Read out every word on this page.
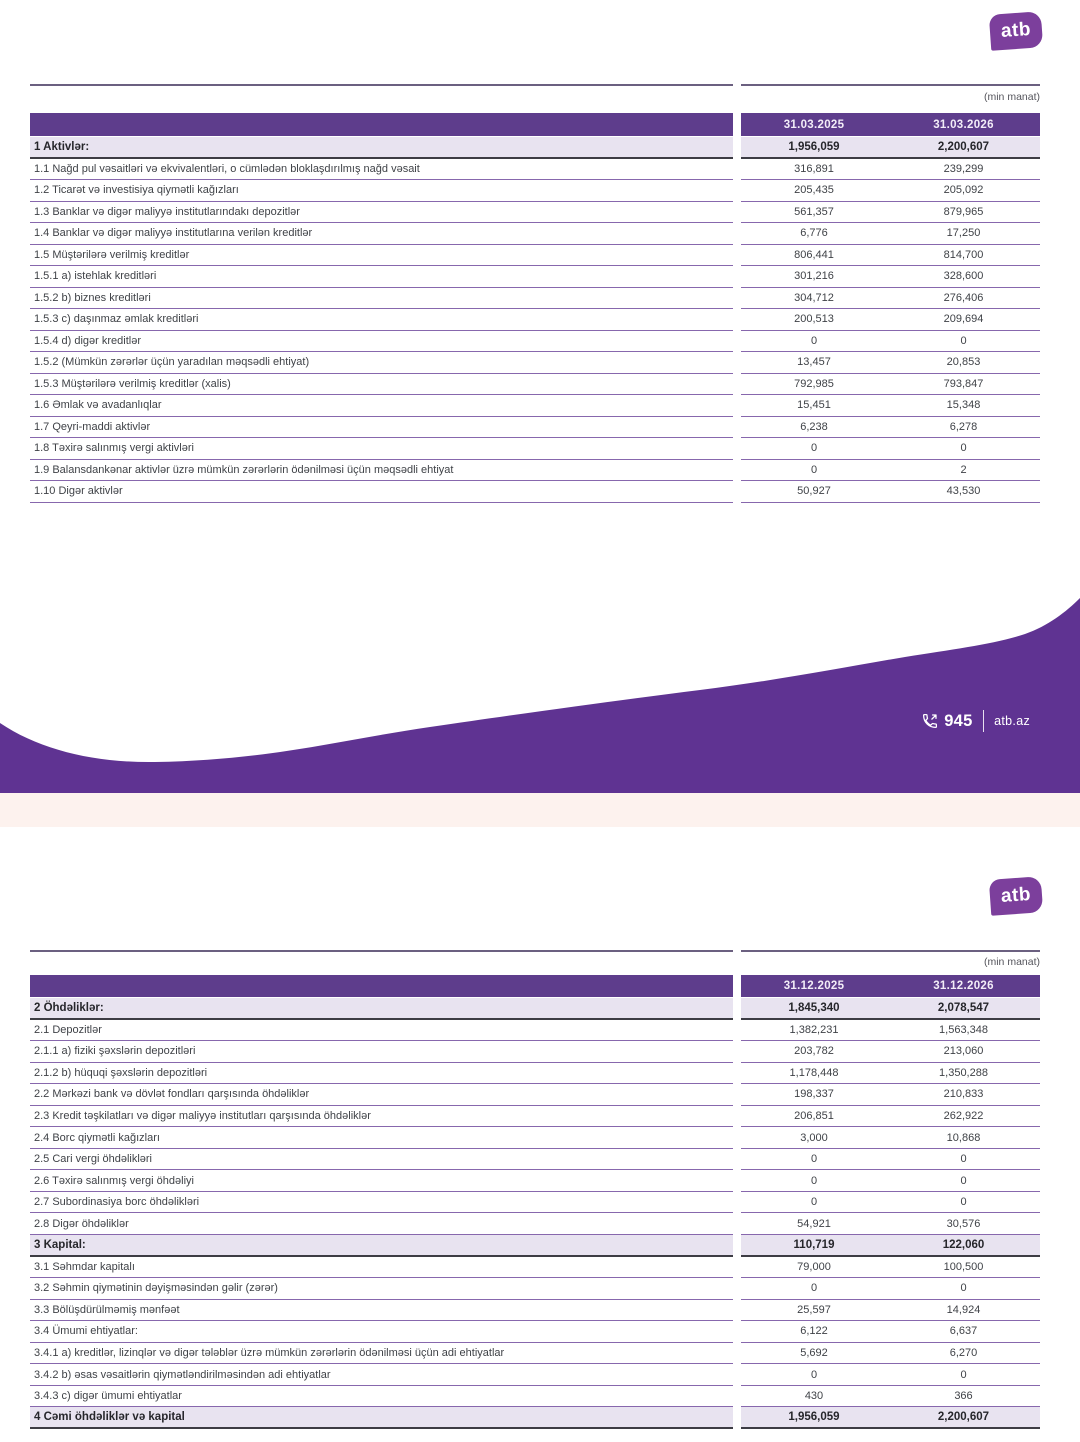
atb
(min manat)
31.03.2025	31.03.2026
1 Aktivlər:	1,956,059	2,200,607
1.1 Nağd pul vəsaitləri və ekvivalentləri, o cümlədən bloklaşdırılmış nağd vəsait	316,891	239,299
1.2 Ticarət və investisiya qiymətli kağızları	205,435	205,092
1.3 Banklar və digər maliyyə institutlarındakı depozitlər	561,357	879,965
1.4 Banklar və digər maliyyə institutlarına verilən kreditlər	6,776	17,250
1.5 Müştərilərə verilmiş kreditlər	806,441	814,700
1.5.1 a) istehlak kreditləri	301,216	328,600
1.5.2 b) biznes kreditləri	304,712	276,406
1.5.3 c) daşınmaz əmlak kreditləri	200,513	209,694
1.5.4 d) digər kreditlər	0	0
1.5.2 (Mümkün zərərlər üçün yaradılan məqsədli ehtiyat)	13,457	20,853
1.5.3 Müştərilərə verilmiş kreditlər (xalis)	792,985	793,847
1.6 Əmlak və avadanlıqlar	15,451	15,348
1.7 Qeyri-maddi aktivlər	6,238	6,278
1.8 Təxirə salınmış vergi aktivləri	0	0
1.9 Balansdankənar aktivlər üzrə mümkün zərərlərin ödənilməsi üçün məqsədli ehtiyat	0	2
1.10 Digər aktivlər	50,927	43,530
945 atb.az
atb
(min manat)
31.12.2025	31.12.2026
2 Öhdəliklər:	1,845,340	2,078,547
2.1 Depozitlər	1,382,231	1,563,348
2.1.1 a) fiziki şəxslərin depozitləri	203,782	213,060
2.1.2 b) hüquqi şəxslərin depozitləri	1,178,448	1,350,288
2.2 Mərkəzi bank və dövlət fondları qarşısında öhdəliklər	198,337	210,833
2.3 Kredit təşkilatları və digər maliyyə institutları qarşısında öhdəliklər	206,851	262,922
2.4 Borc qiymətli kağızları	3,000	10,868
2.5 Cari vergi öhdəlikləri	0	0
2.6 Təxirə salınmış vergi öhdəliyi	0	0
2.7 Subordinasiya borc öhdəlikləri	0	0
2.8 Digər öhdəliklər	54,921	30,576
3 Kapital:	110,719	122,060
3.1 Səhmdar kapitalı	79,000	100,500
3.2 Səhmin qiymətinin dəyişməsindən gəlir (zərər)	0	0
3.3 Bölüşdürülməmiş mənfəət	25,597	14,924
3.4 Ümumi ehtiyatlar:	6,122	6,637
3.4.1 a) kreditlər, lizinqlər və digər tələblər üzrə mümkün zərərlərin ödənilməsi üçün adi ehtiyatlar	5,692	6,270
3.4.2 b) əsas vəsaitlərin qiymətləndirilməsindən adi ehtiyatlar	0	0
3.4.3 c) digər ümumi ehtiyatlar	430	366
4 Cəmi öhdəliklər və kapital	1,956,059	2,200,607
